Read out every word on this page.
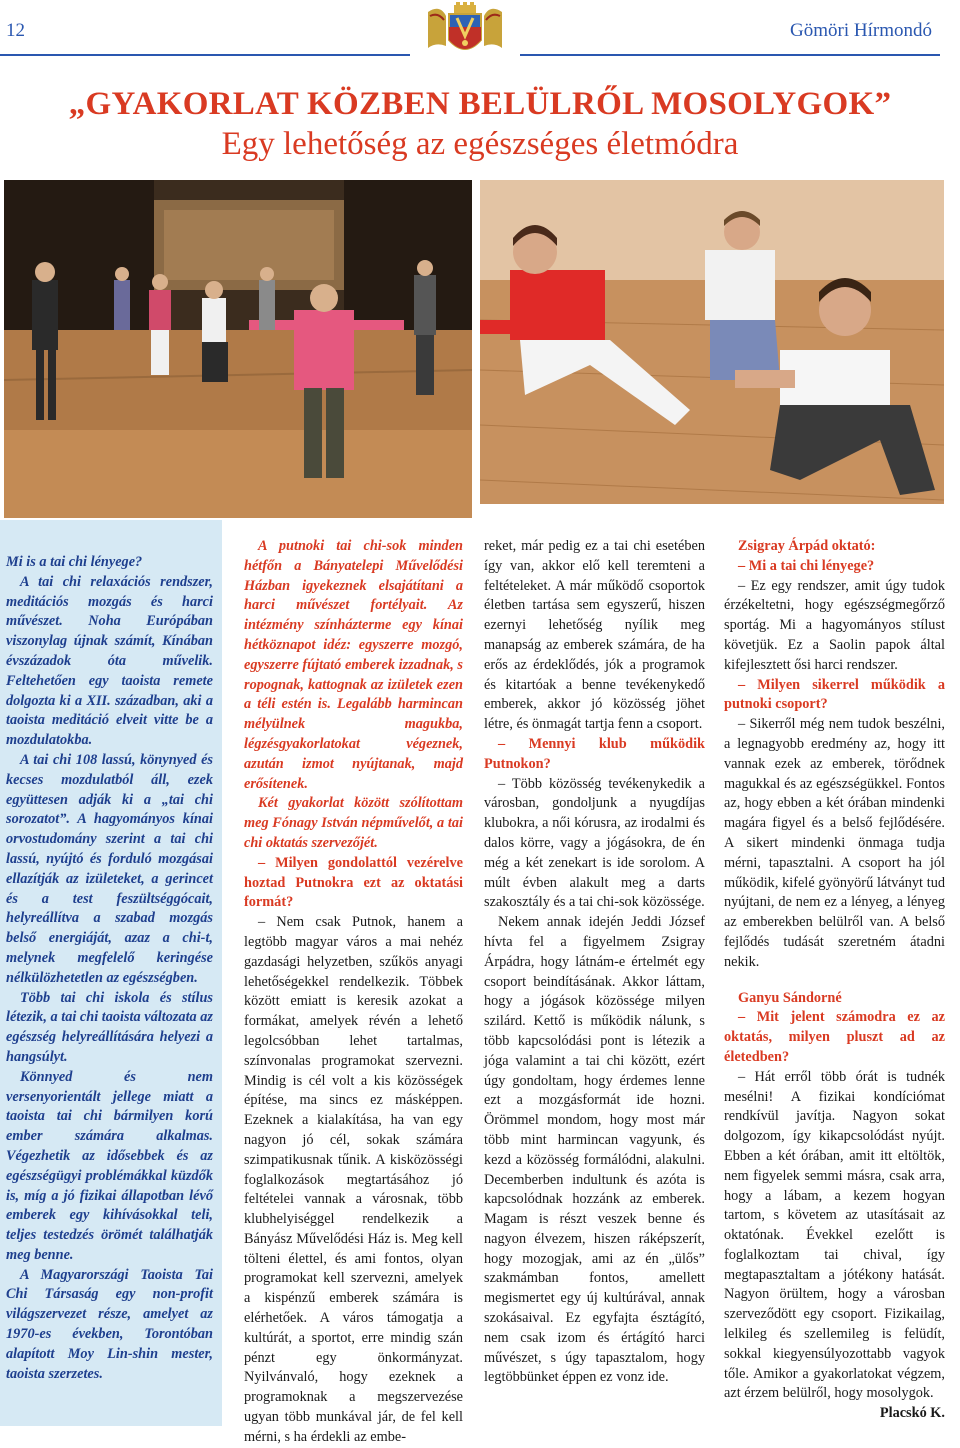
12	Gömöri Hírmondó
„GYAKORLAT KÖZBEN BELÜLRŐL MOSOLYGOK”
Egy lehetőség az egészséges életmódra

Mi is a tai chi lényege?

A tai chi relaxációs rendszer, meditációs mozgás és harci művészet. Noha Európában viszonylag újnak számít, Kínában évszázadok óta művelik. Feltehetően egy taoista remete dolgozta ki a XII. században, aki a taoista meditáció elveit vitte be a mozdulatokba.

A tai chi 108 lassú, könynyed és kecses mozdulatból áll, ezek együttesen adják ki a „tai chi sorozatot”. A hagyományos kínai orvostudomány szerint a tai chi lassú, nyújtó és forduló mozgásai ellazítják az izületeket, a gerincet és a test feszültséggócait, helyreállítva a szabad mozgás belső energiáját, azaz a chi-t, melynek megfelelő keringése nélkülözhetetlen az egészségben.

Több tai chi iskola és stílus létezik, a tai chi taoista változata az egészség helyreállítására helyezi a hangsúlyt.

Könnyed és nem versenyorientált jellege miatt a taoista tai chi bármilyen korú ember számára alkalmas. Végezhetik az idősebbek és az egészségügyi problémákkal küzdők is, míg a jó fizikai állapotban lévő emberek egy kihívásokkal teli, teljes testedzés örömét találhatják meg benne.

A Magyarországi Taoista Tai Chi Társaság egy non-profit világszervezet része, amelyet az 1970-es években, Torontóban alapított Moy Lin-shin mester, taoista szerzetes.

A putnoki tai chi-sok minden hétfőn a Bányatelepi Művelődési Házban igyekeznek elsajátítani a harci művészet fortélyait. Az intézmény színházterme egy kínai hétköznapot idéz: egyszerre mozgó, egyszerre fújtató emberek izzadnak, s ropognak, kattognak az izületek ezen a téli estén is. Legalább harmincan mélyülnek magukba, légzésgyakorlatokat végeznek, azután izmot nyújtanak, majd erősítenek.

Két gyakorlat között szólítottam meg Fónagy István népművelőt, a tai chi oktatás szervezőjét.

– Milyen gondolattól vezérelve hoztad Putnokra ezt az oktatási formát?

– Nem csak Putnok, hanem a legtöbb magyar város a mai nehéz gazdasági helyzetben, szűkös anyagi lehetőségekkel rendelkezik. Többek között emiatt is keresik azokat a formákat, amelyek révén a lehető legolcsóbban lehet tartalmas, színvonalas programokat szervezni. Mindig is cél volt a kis közösségek építése, ma sincs ez másképpen. Ezeknek a kialakítása, ha van egy nagyon jó cél, sokak számára szimpatikusnak tűnik. A kisközösségi foglalkozások megtartásához jó feltételei vannak a városnak, több klubhelyiséggel rendelkezik a Bányász Művelődési Ház is. Meg kell tölteni élettel, és ami fontos, olyan programokat kell szervezni, amelyek a kispénzű emberek számára is elérhetőek. A város támogatja a kultúrát, a sportot, erre mindig szán pénzt egy önkormányzat. Nyilvánvaló, hogy ezeknek a programoknak a megszervezése ugyan több munkával jár, de fel kell mérni, s ha érdekli az embe-

reket, már pedig ez a tai chi esetében így van, akkor elő kell teremteni a feltételeket. A már működő csoportok életben tartása sem egyszerű, hiszen ezernyi lehetőség nyílik meg manapság az emberek számára, de ha erős az érdeklődés, jók a programok és kitartóak a benne tevékenykedő emberek, akkor jó közösség jöhet létre, és önmagát tartja fenn a csoport.

– Mennyi klub működik Putnokon?

– Több közösség tevékenykedik a városban, gondoljunk a nyugdíjas klubokra, a női kórusra, az irodalmi és dalos körre, vagy a jógásokra, de én még a két zenekart is ide sorolom. A múlt évben alakult meg a darts szakosztály és a tai chi-sok közössége.

Nekem annak idején Jeddi József hívta fel a figyelmem Zsigray Árpádra, hogy látnám-e értelmét egy csoport beindításának. Akkor láttam, hogy a jógások közössége milyen szilárd. Kettő is működik nálunk, s több kapcsolódási pont is létezik a jóga valamint a tai chi között, ezért úgy gondoltam, hogy érdemes lenne ezt a mozgásformát ide hozni. Örömmel mondom, hogy most már több mint harmincan vagyunk, és kezd a közösség formálódni, alakulni. Decemberben indultunk és azóta is kapcsolódnak hozzánk az emberek. Magam is részt veszek benne és nagyon élvezem, hiszen ráképszerít, hogy mozogjak, ami az én „ülős” szakmámban fontos, amellett megismertet egy új kultúrával, annak szokásaival. Ez egyfajta észtágító, nem csak izom és értágító harci művészet, s úgy tapasztalom, hogy legtöbbünket éppen ez vonz ide.

Zsigray Árpád oktató:

– Mi a tai chi lényege?

– Ez egy rendszer, amit úgy tudok érzékeltetni, hogy egészségmegőrző sportág. Mi a hagyományos stílust követjük. Ez a Saolin papok által kifejlesztett ősi harci rendszer.

– Milyen sikerrel működik a putnoki csoport?

– Sikerről még nem tudok beszélni, a legnagyobb eredmény az, hogy itt vannak ezek az emberek, törődnek magukkal és az egészségükkel. Fontos az, hogy ebben a két órában mindenki magára figyel és a belső fejlődésére. A sikert mindenki önmaga tudja mérni, tapasztalni. A csoport ha jól működik, kifelé gyönyörű látványt tud nyújtani, de nem ez a lényeg, a lényeg az emberekben belülről van. A belső fejlődés tudását szeretném átadni nekik.

Ganyu Sándorné

– Mit jelent számodra ez az oktatás, milyen pluszt ad az életedben?

– Hát erről több órát is tudnék mesélni! A fizikai kondíciómat rendkívül javítja. Nagyon sokat dolgozom, így kikapcsolódást nyújt. Ebben a két órában, amit itt eltöltök, nem figyelek semmi másra, csak arra, hogy a lábam, a kezem hogyan tartom, s követem az utasításait az oktatónak. Évekkel ezelőtt is foglalkoztam tai chival, így megtapasztaltam a jótékony hatását. Nagyon örültem, hogy a városban szerveződött egy csoport. Fizikailag, lelkileg és szellemileg is felüdít, sokkal kiegyensúlyozottabb vagyok tőle. Amikor a gyakorlatokat végzem, azt érzem belülről, hogy mosolygok.
Placskó K.
